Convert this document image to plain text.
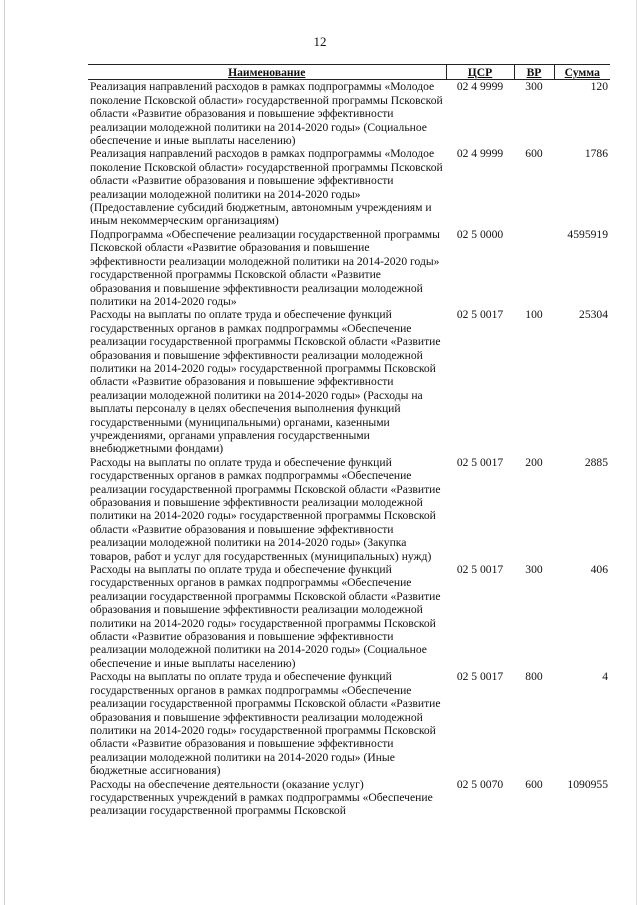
12
Наименование	ЦСР	ВР	Сумма
Реализация направлений расходов в рамках подпрограммы «Молодое поколение Псковской области» государственной программы Псковской области «Развитие образования и повышение эффективности реализации молодежной политики на 2014-2020 годы» (Социальное обеспечение и иные выплаты населению)	02 4 9999	300	120
Реализация направлений расходов в рамках подпрограммы «Молодое поколение Псковской области» государственной программы Псковской области «Развитие образования и повышение эффективности реализации молодежной политики на 2014-2020 годы» (Предоставление субсидий бюджетным, автономным учреждениям и иным некоммерческим организациям)	02 4 9999	600	1786
Подпрограмма «Обеспечение реализации государственной программы Псковской области «Развитие образования и повышение эффективности реализации молодежной политики на 2014-2020 годы» государственной программы Псковской области «Развитие образования и повышение эффективности реализации молодежной политики на 2014-2020 годы»	02 5 0000		4595919
Расходы на выплаты по оплате труда и обеспечение функций государственных органов в рамках подпрограммы «Обеспечение реализации государственной программы Псковской области «Развитие образования и повышение эффективности реализации молодежной политики на 2014-2020 годы» государственной программы Псковской области «Развитие образования и повышение эффективности реализации молодежной политики на 2014-2020 годы» (Расходы на выплаты персоналу в целях обеспечения выполнения функций государственными (муниципальными) органами, казенными учреждениями, органами управления государственными внебюджетными фондами)	02 5 0017	100	25304
Расходы на выплаты по оплате труда и обеспечение функций государственных органов в рамках подпрограммы «Обеспечение реализации государственной программы Псковской области «Развитие образования и повышение эффективности реализации молодежной политики на 2014-2020 годы» государственной программы Псковской области «Развитие образования и повышение эффективности реализации молодежной политики на 2014-2020 годы» (Закупка товаров, работ и услуг для государственных (муниципальных) нужд)	02 5 0017	200	2885
Расходы на выплаты по оплате труда и обеспечение функций государственных органов в рамках подпрограммы «Обеспечение реализации государственной программы Псковской области «Развитие образования и повышение эффективности реализации молодежной политики на 2014-2020 годы» государственной программы Псковской области «Развитие образования и повышение эффективности реализации молодежной политики на 2014-2020 годы» (Социальное обеспечение и иные выплаты населению)	02 5 0017	300	406
Расходы на выплаты по оплате труда и обеспечение функций государственных органов в рамках подпрограммы «Обеспечение реализации государственной программы Псковской области «Развитие образования и повышение эффективности реализации молодежной политики на 2014-2020 годы» государственной программы Псковской области «Развитие образования и повышение эффективности реализации молодежной политики на 2014-2020 годы» (Иные бюджетные ассигнования)	02 5 0017	800	4
Расходы на обеспечение деятельности (оказание услуг) государственных учреждений в рамках подпрограммы «Обеспечение реализации государственной программы Псковской	02 5 0070	600	1090955
